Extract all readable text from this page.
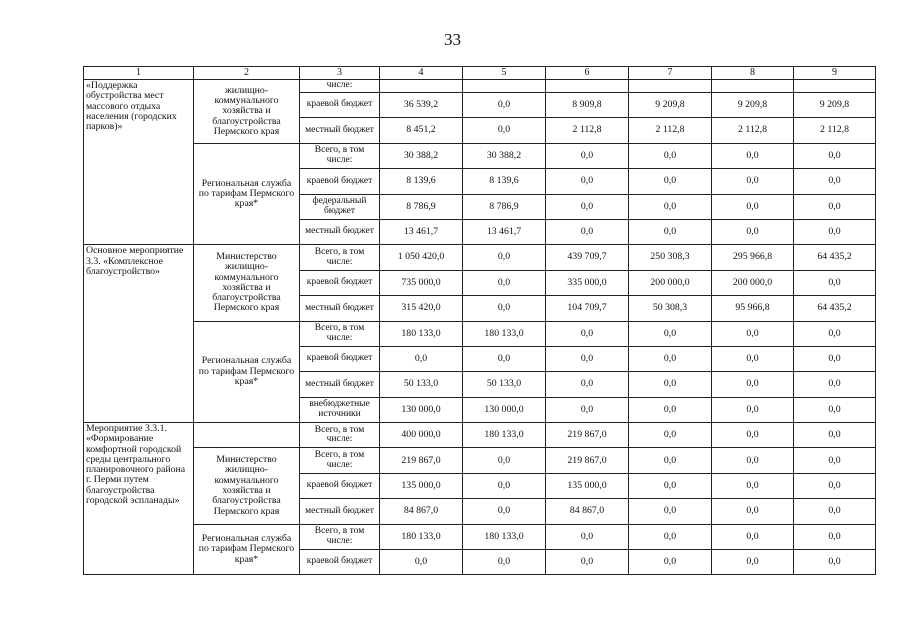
33
1	2	3	4	5	6	7	8	9
«Поддержка обустройства мест массового отдыха населения (городских парков)»	жилищно-коммунального хозяйства и благоустройства Пермского края	числе:						
		краевой бюджет	36 539,2	0,0	8 909,8	9 209,8	9 209,8	9 209,8
		местный бюджет	8 451,2	0,0	2 112,8	2 112,8	2 112,8	2 112,8
	Региональная служба по тарифам Пермского края*	Всего, в том числе:	30 388,2	30 388,2	0,0	0,0	0,0	0,0
		краевой бюджет	8 139,6	8 139,6	0,0	0,0	0,0	0,0
		федеральный бюджет	8 786,9	8 786,9	0,0	0,0	0,0	0,0
		местный бюджет	13 461,7	13 461,7	0,0	0,0	0,0	0,0
Основное мероприятие 3.3. «Комплексное благоустройство»	Министерство жилищно-коммунального хозяйства и благоустройства Пермского края	Всего, в том числе:	1 050 420,0	0,0	439 709,7	250 308,3	295 966,8	64 435,2
		краевой бюджет	735 000,0	0,0	335 000,0	200 000,0	200 000,0	0,0
		местный бюджет	315 420,0	0,0	104 709,7	50 308,3	95 966,8	64 435,2
	Региональная служба по тарифам Пермского края*	Всего, в том числе:	180 133,0	180 133,0	0,0	0,0	0,0	0,0
		краевой бюджет	0,0	0,0	0,0	0,0	0,0	0,0
		местный бюджет	50 133,0	50 133,0	0,0	0,0	0,0	0,0
		внебюджетные источники	130 000,0	130 000,0	0,0	0,0	0,0	0,0
Мероприятие 3.3.1. «Формирование комфортной городской среды центрального планировочного района г. Перми путем благоустройства городской эспланады»		Всего, в том числе:	400 000,0	180 133,0	219 867,0	0,0	0,0	0,0
	Министерство жилищно-коммунального хозяйства и благоустройства Пермского края	Всего, в том числе:	219 867,0	0,0	219 867,0	0,0	0,0	0,0
		краевой бюджет	135 000,0	0,0	135 000,0	0,0	0,0	0,0
		местный бюджет	84 867,0	0,0	84 867,0	0,0	0,0	0,0
	Региональная служба по тарифам Пермского края*	Всего, в том числе:	180 133,0	180 133,0	0,0	0,0	0,0	0,0
		краевой бюджет	0,0	0,0	0,0	0,0	0,0	0,0
